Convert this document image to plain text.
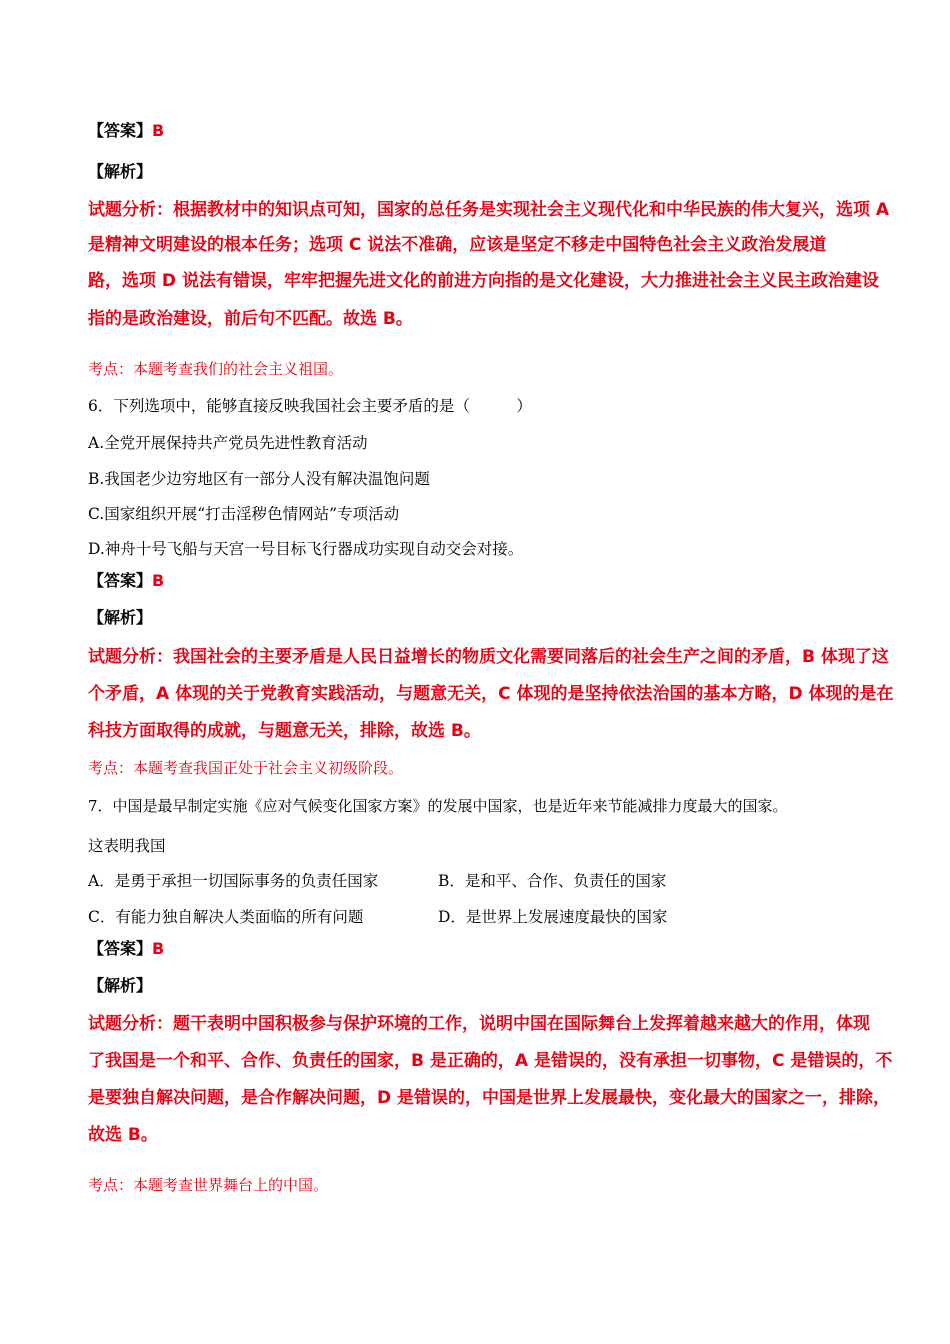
【答案】B
【解析】
试题分析：根据教材中的知识点可知，国家的总任务是实现社会主义现代化和中华民族的伟大复兴，选项 A
是精神文明建设的根本任务；选项 C 说法不准确，应该是坚定不移走中国特色社会主义政治发展道
路，选项 D 说法有错误，牢牢把握先进文化的前进方向指的是文化建设，大力推进社会主义民主政治建设
指的是政治建设，前后句不匹配。故选 B。
考点：本题考查我们的社会主义祖国。
6．下列选项中，能够直接反映我国社会主要矛盾的是（　　　）
A.全党开展保持共产党员先进性教育活动
B.我国老少边穷地区有一部分人没有解决温饱问题
C.国家组织开展“打击淫秽色情网站”专项活动
D.神舟十号飞船与天宫一号目标飞行器成功实现自动交会对接。
【答案】B
【解析】
试题分析：我国社会的主要矛盾是人民日益增长的物质文化需要同落后的社会生产之间的矛盾，B 体现了这
个矛盾，A 体现的关于党教育实践活动，与题意无关，C 体现的是坚持依法治国的基本方略，D 体现的是在
科技方面取得的成就，与题意无关，排除，故选 B。
考点：本题考查我国正处于社会主义初级阶段。
7．中国是最早制定实施《应对气候变化国家方案》的发展中国家，也是近年来节能减排力度最大的国家。
这表明我国
A．是勇于承担一切国际事务的负责任国家	B．是和平、合作、负责任的国家
C．有能力独自解决人类面临的所有问题	D．是世界上发展速度最快的国家
【答案】B
【解析】
试题分析：题干表明中国积极参与保护环境的工作，说明中国在国际舞台上发挥着越来越大的作用，体现
了我国是一个和平、合作、负责任的国家，B 是正确的，A 是错误的，没有承担一切事物，C 是错误的，不
是要独自解决问题，是合作解决问题，D 是错误的，中国是世界上发展最快，变化最大的国家之一，排除，
故选 B。
考点：本题考查世界舞台上的中国。
